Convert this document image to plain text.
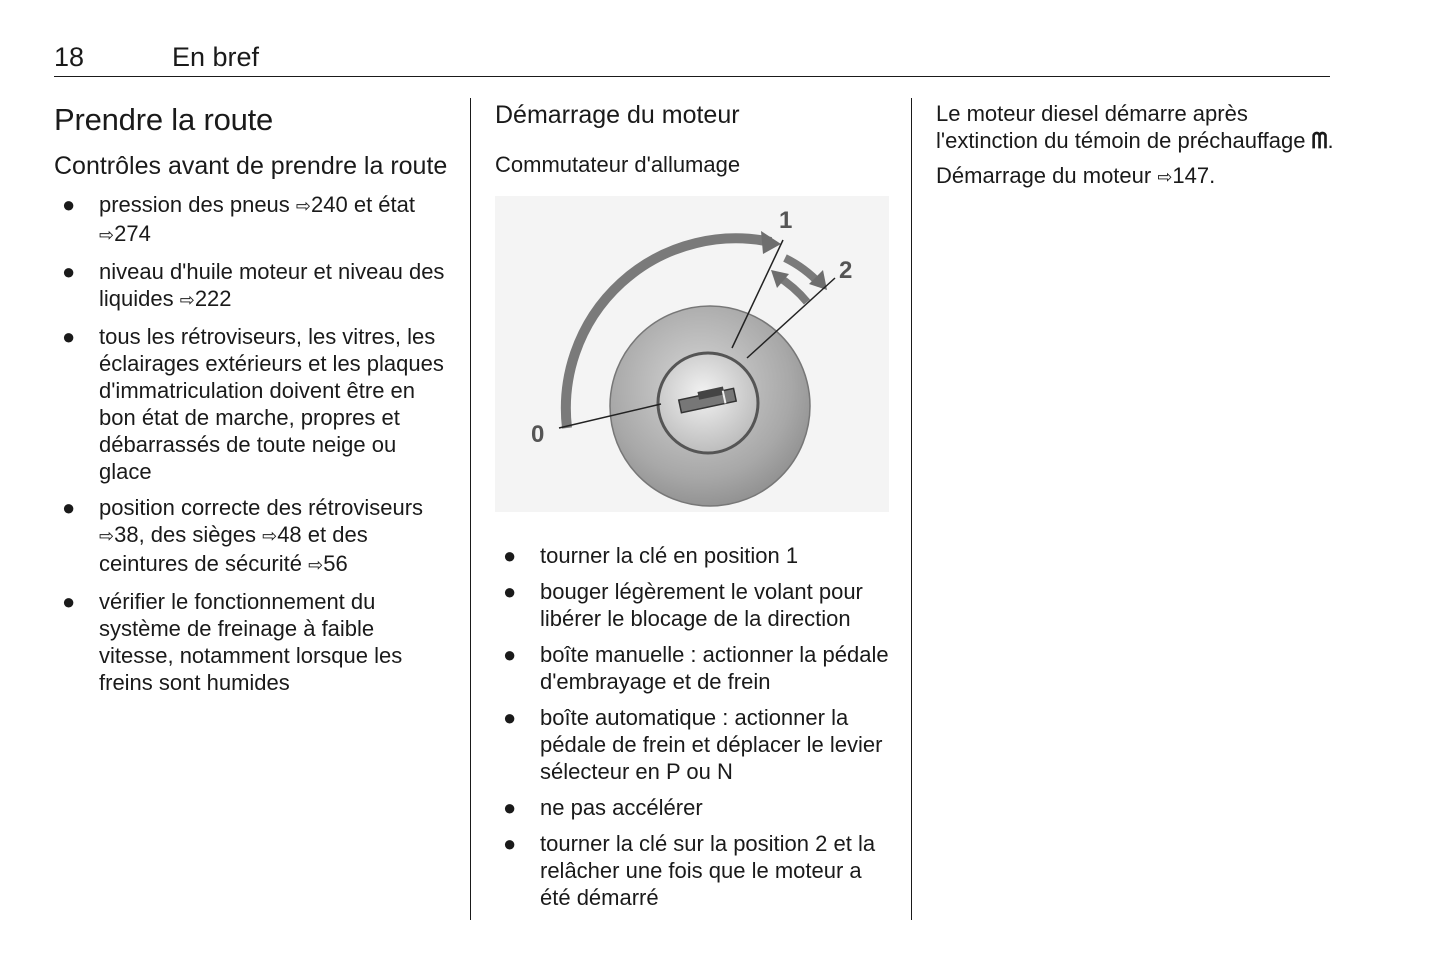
18	En bref
Prendre la route
Contrôles avant de prendre la route
● pression des pneus ⇨240 et état
⇨274
● niveau d'huile moteur et niveau des liquides ⇨222
● tous les rétroviseurs, les vitres, les éclairages extérieurs et les plaques d'immatriculation doivent être en bon état de marche, propres et débarrassés de toute neige ou glace
● position correcte des rétroviseurs
⇨38, des sièges ⇨48 et des ceintures de sécurité ⇨56
● vérifier le fonctionnement du système de freinage à faible vitesse, notamment lorsque les freins sont humides
Démarrage du moteur
Commutateur d'allumage
0
1
2
● tourner la clé en position 1
● bouger légèrement le volant pour libérer le blocage de la direction
● boîte manuelle : actionner la pédale d'embrayage et de frein
● boîte automatique : actionner la pédale de frein et déplacer le levier sélecteur en P ou N
● ne pas accélérer
● tourner la clé sur la position 2 et la relâcher une fois que le moteur a été démarré

Le moteur diesel démarre après l'extinction du témoin de préchauffage ᗰ.

Démarrage du moteur ⇨147.
